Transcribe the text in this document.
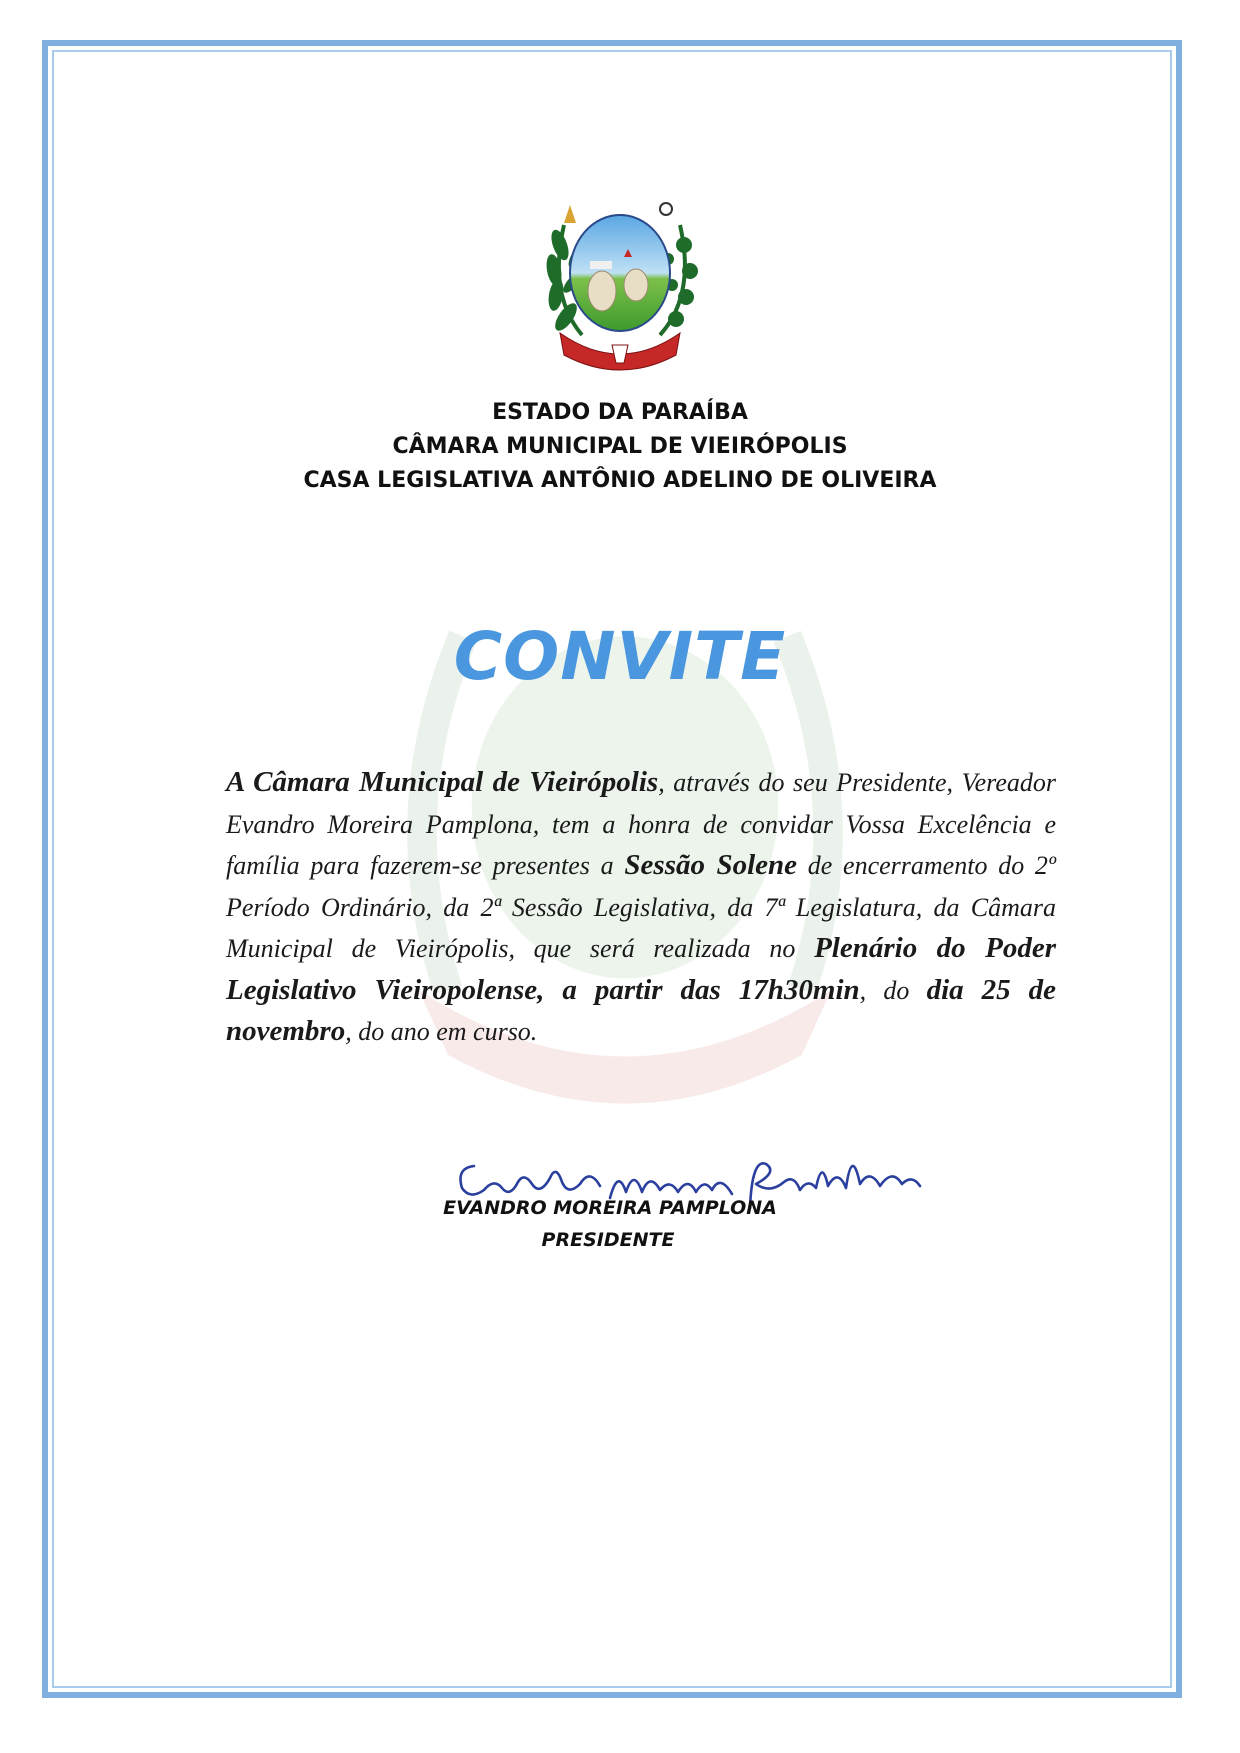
ESTADO DA PARAÍBA
CÂMARA MUNICIPAL DE VIEIRÓPOLIS
CASA LEGISLATIVA ANTÔNIO ADELINO DE OLIVEIRA
CONVITE
A Câmara Municipal de Vieirópolis, através do seu Presidente, Vereador Evandro Moreira Pamplona, tem a honra de convidar Vossa Excelência e família para fazerem-se presentes a Sessão Solene de encerramento do 2º Período Ordinário, da 2ª Sessão Legislativa, da 7ª Legislatura, da Câmara Municipal de Vieirópolis, que será realizada no Plenário do Poder Legislativo Vieiropolense, a partir das 17h30min, do dia 25 de novembro, do ano em curso.
EVANDRO MOREIRA PAMPLONA
PRESIDENTE
